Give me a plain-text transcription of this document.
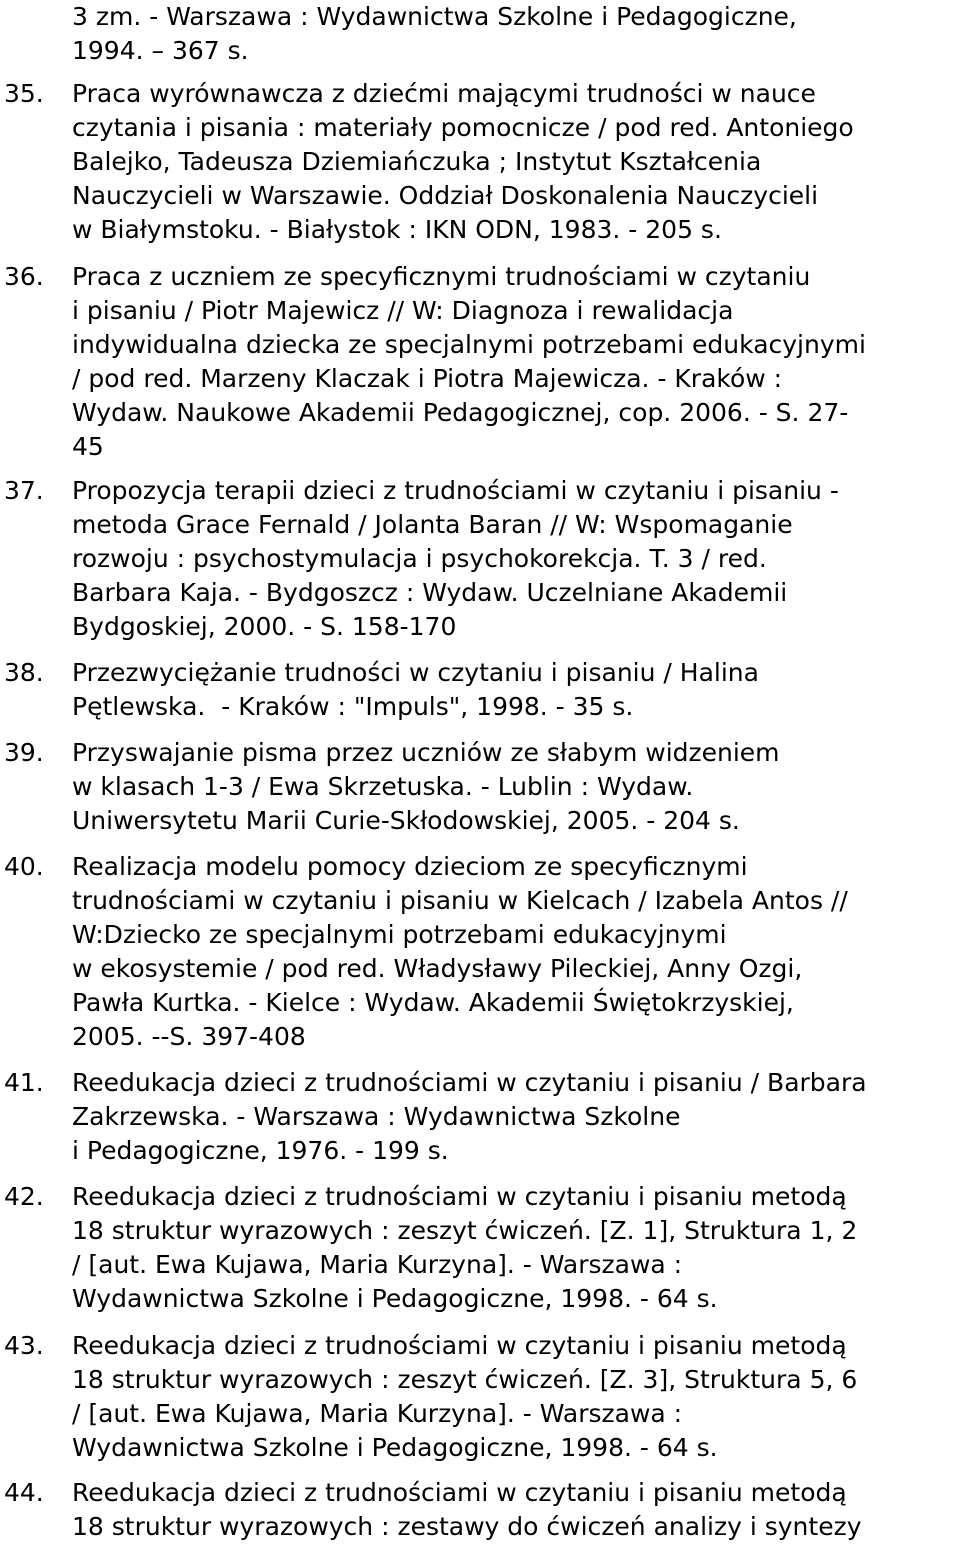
3 zm. - Warszawa : Wydawnictwa Szkolne i Pedagogiczne,
1994. – 367 s.
35.	Praca wyrównawcza z dziećmi mającymi trudności w nauce
czytania i pisania : materiały pomocnicze / pod red. Antoniego
Balejko, Tadeusza Dziemiańczuka ; Instytut Kształcenia
Nauczycieli w Warszawie. Oddział Doskonalenia Nauczycieli
w Białymstoku. - Białystok : IKN ODN, 1983. - 205 s.
36.	Praca z uczniem ze specyficznymi trudnościami w czytaniu
i pisaniu / Piotr Majewicz // W: Diagnoza i rewalidacja
indywidualna dziecka ze specjalnymi potrzebami edukacyjnymi
/ pod red. Marzeny Klaczak i Piotra Majewicza. - Kraków :
Wydaw. Naukowe Akademii Pedagogicznej, cop. 2006. - S. 27-
45
37.	Propozycja terapii dzieci z trudnościami w czytaniu i pisaniu -
metoda Grace Fernald / Jolanta Baran // W: Wspomaganie
rozwoju : psychostymulacja i psychokorekcja. T. 3 / red.
Barbara Kaja. - Bydgoszcz : Wydaw. Uczelniane Akademii
Bydgoskiej, 2000. - S. 158-170
38.	Przezwyciężanie trudności w czytaniu i pisaniu / Halina
Pętlewska.  - Kraków : "Impuls", 1998. - 35 s.
39.	Przyswajanie pisma przez uczniów ze słabym widzeniem
w klasach 1-3 / Ewa Skrzetuska. - Lublin : Wydaw.
Uniwersytetu Marii Curie-Skłodowskiej, 2005. - 204 s.
40.	Realizacja modelu pomocy dzieciom ze specyficznymi
trudnościami w czytaniu i pisaniu w Kielcach / Izabela Antos //
W:Dziecko ze specjalnymi potrzebami edukacyjnymi
w ekosystemie / pod red. Władysławy Pileckiej, Anny Ozgi,
Pawła Kurtka. - Kielce : Wydaw. Akademii Świętokrzyskiej,
2005. --S. 397-408
41.	Reedukacja dzieci z trudnościami w czytaniu i pisaniu / Barbara
Zakrzewska. - Warszawa : Wydawnictwa Szkolne
i Pedagogiczne, 1976. - 199 s.
42.	Reedukacja dzieci z trudnościami w czytaniu i pisaniu metodą
18 struktur wyrazowych : zeszyt ćwiczeń. [Z. 1], Struktura 1, 2
/ [aut. Ewa Kujawa, Maria Kurzyna]. - Warszawa :
Wydawnictwa Szkolne i Pedagogiczne, 1998. - 64 s.
43.	Reedukacja dzieci z trudnościami w czytaniu i pisaniu metodą
18 struktur wyrazowych : zeszyt ćwiczeń. [Z. 3], Struktura 5, 6
/ [aut. Ewa Kujawa, Maria Kurzyna]. - Warszawa :
Wydawnictwa Szkolne i Pedagogiczne, 1998. - 64 s.
44.	Reedukacja dzieci z trudnościami w czytaniu i pisaniu metodą
18 struktur wyrazowych : zestawy do ćwiczeń analizy i syntezy
